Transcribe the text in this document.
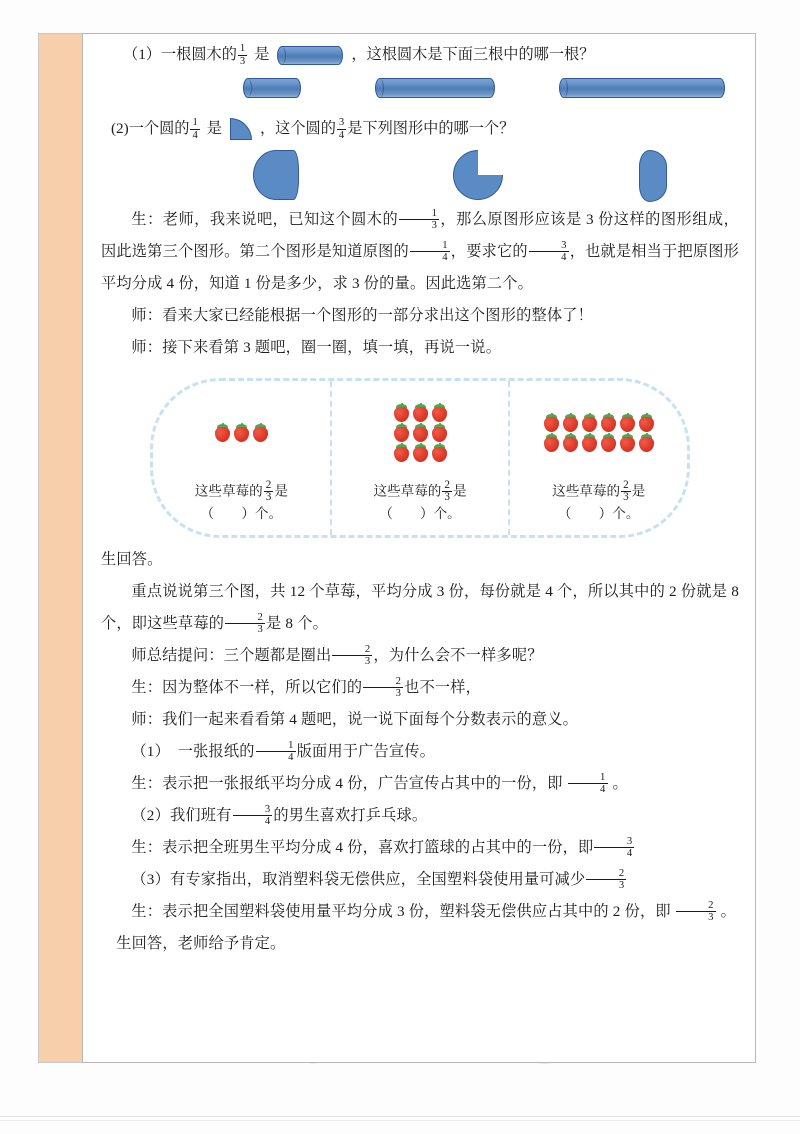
（1）一根圆木的 $\frac{1}{3}$ 是	，这根圆木是下面三根中的哪一根？
(2)一个圆的 $\frac{1}{4}$ 是	，这个圆的 $\frac{3}{4}$ 是下列图形中的哪一个？

生：老师，我来说吧，已知这个圆木的 $\frac{1}{3}$ ，那么原图形应该是 3 份这样的图形组成，因此选第三个图形。第二个图形是知道原图的 $\frac{1}{4}$ ，要求它的 $\frac{3}{4}$ ，也就是相当于把原图形平均分成 4 份，知道 1 份是多少，求 3 份的量。因此选第二个。

师：看来大家已经能根据一个图形的一部分求出这个图形的整体了！

师：接下来看第 3 题吧，圈一圈，填一填，再说一说。

这些草莓的 $\frac{2}{3}$ 是
（　　）个。
这些草莓的 $\frac{2}{3}$ 是
（　　）个。
这些草莓的 $\frac{2}{3}$ 是
（　　）个。

生回答。

重点说说第三个图，共 12 个草莓，平均分成 3 份，每份就是 4 个，所以其中的 2 份就是 8 个，即这些草莓的 $\frac{2}{3}$ 是 8 个。

师总结提问：三个题都是圈出 $\frac{2}{3}$ ，为什么会不一样多呢？

生：因为整体不一样，所以它们的 $\frac{2}{3}$ 也不一样，

师：我们一起来看看第 4 题吧，说一说下面每个分数表示的意义。

（1）　一张报纸的 $\frac{1}{4}$ 版面用于广告宣传。

生：表示把一张报纸平均分成 4 份，广告宣传占其中的一份，即 $\frac{1}{4}$ 。

（2）我们班有 $\frac{3}{4}$ 的男生喜欢打乒乓球。

生：表示把全班男生平均分成 4 份，喜欢打篮球的占其中的一份，即 $\frac{3}{4}$

（3）有专家指出，取消塑料袋无偿供应，全国塑料袋使用量可减少 $\frac{2}{3}$

生：表示把全国塑料袋使用量平均分成 3 份，塑料袋无偿供应占其中的 2 份，即 $\frac{2}{3}$ 。

生回答，老师给予肯定。
